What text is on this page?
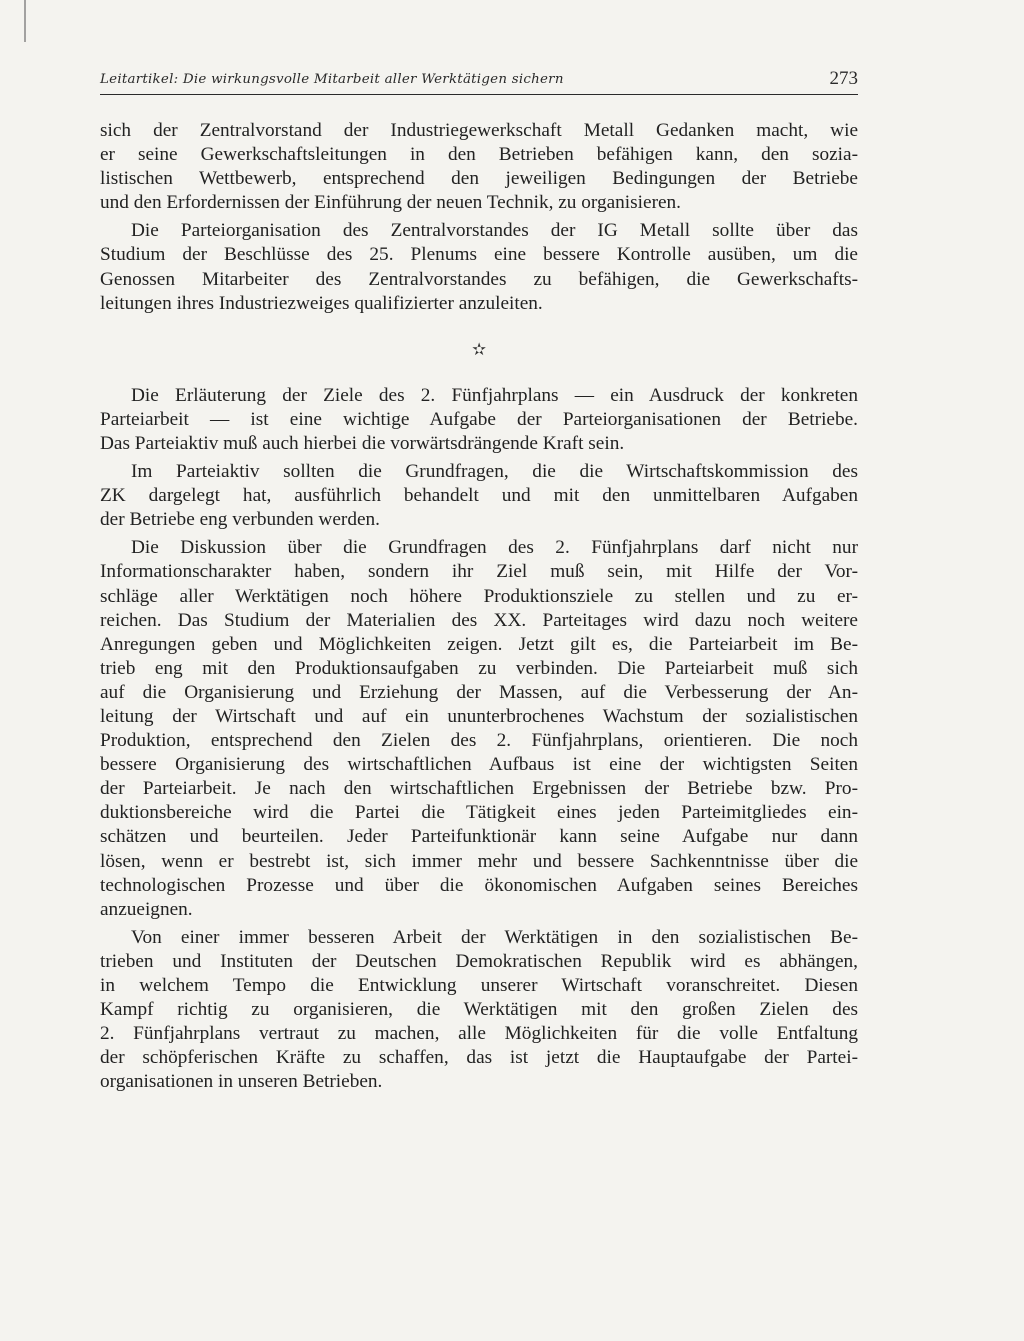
Leitartikel: Die wirkungsvolle Mitarbeit aller Werktätigen sichern	273
sich der Zentralvorstand der Industriegewerkschaft Metall Gedanken macht, wie
er seine Gewerkschaftsleitungen in den Betrieben befähigen kann, den sozia-
listischen Wettbewerb, entsprechend den jeweiligen Bedingungen der Betriebe
und den Erfordernissen der Einführung der neuen Technik, zu organisieren.
Die Parteiorganisation des Zentralvorstandes der IG Metall sollte über das
Studium der Beschlüsse des 25. Plenums eine bessere Kontrolle ausüben, um die
Genossen Mitarbeiter des Zentralvorstandes zu befähigen, die Gewerkschafts-
leitungen ihres Industriezweiges qualifizierter anzuleiten.
✫
Die Erläuterung der Ziele des 2. Fünfjahrplans — ein Ausdruck der konkreten
Parteiarbeit — ist eine wichtige Aufgabe der Parteiorganisationen der Betriebe.
Das Parteiaktiv muß auch hierbei die vorwärtsdrängende Kraft sein.
Im Parteiaktiv sollten die Grundfragen, die die Wirtschaftskommission des
ZK dargelegt hat, ausführlich behandelt und mit den unmittelbaren Aufgaben
der Betriebe eng verbunden werden.
Die Diskussion über die Grundfragen des 2. Fünfjahrplans darf nicht nur
Informationscharakter haben, sondern ihr Ziel muß sein, mit Hilfe der Vor-
schläge aller Werktätigen noch höhere Produktionsziele zu stellen und zu er-
reichen. Das Studium der Materialien des XX. Parteitages wird dazu noch weitere
Anregungen geben und Möglichkeiten zeigen. Jetzt gilt es, die Parteiarbeit im Be-
trieb eng mit den Produktionsaufgaben zu verbinden. Die Parteiarbeit muß sich
auf die Organisierung und Erziehung der Massen, auf die Verbesserung der An-
leitung der Wirtschaft und auf ein ununterbrochenes Wachstum der sozialistischen
Produktion, entsprechend den Zielen des 2. Fünfjahrplans, orientieren. Die noch
bessere Organisierung des wirtschaftlichen Aufbaus ist eine der wichtigsten Seiten
der Parteiarbeit. Je nach den wirtschaftlichen Ergebnissen der Betriebe bzw. Pro-
duktionsbereiche wird die Partei die Tätigkeit eines jeden Parteimitgliedes ein-
schätzen und beurteilen. Jeder Parteifunktionär kann seine Aufgabe nur dann
lösen, wenn er bestrebt ist, sich immer mehr und bessere Sachkenntnisse über die
technologischen Prozesse und über die ökonomischen Aufgaben seines Bereiches
anzueignen.
Von einer immer besseren Arbeit der Werktätigen in den sozialistischen Be-
trieben und Instituten der Deutschen Demokratischen Republik wird es abhängen,
in welchem Tempo die Entwicklung unserer Wirtschaft voranschreitet. Diesen
Kampf richtig zu organisieren, die Werktätigen mit den großen Zielen des
2. Fünfjahrplans vertraut zu machen, alle Möglichkeiten für die volle Entfaltung
der schöpferischen Kräfte zu schaffen, das ist jetzt die Hauptaufgabe der Partei-
organisationen in unseren Betrieben.
